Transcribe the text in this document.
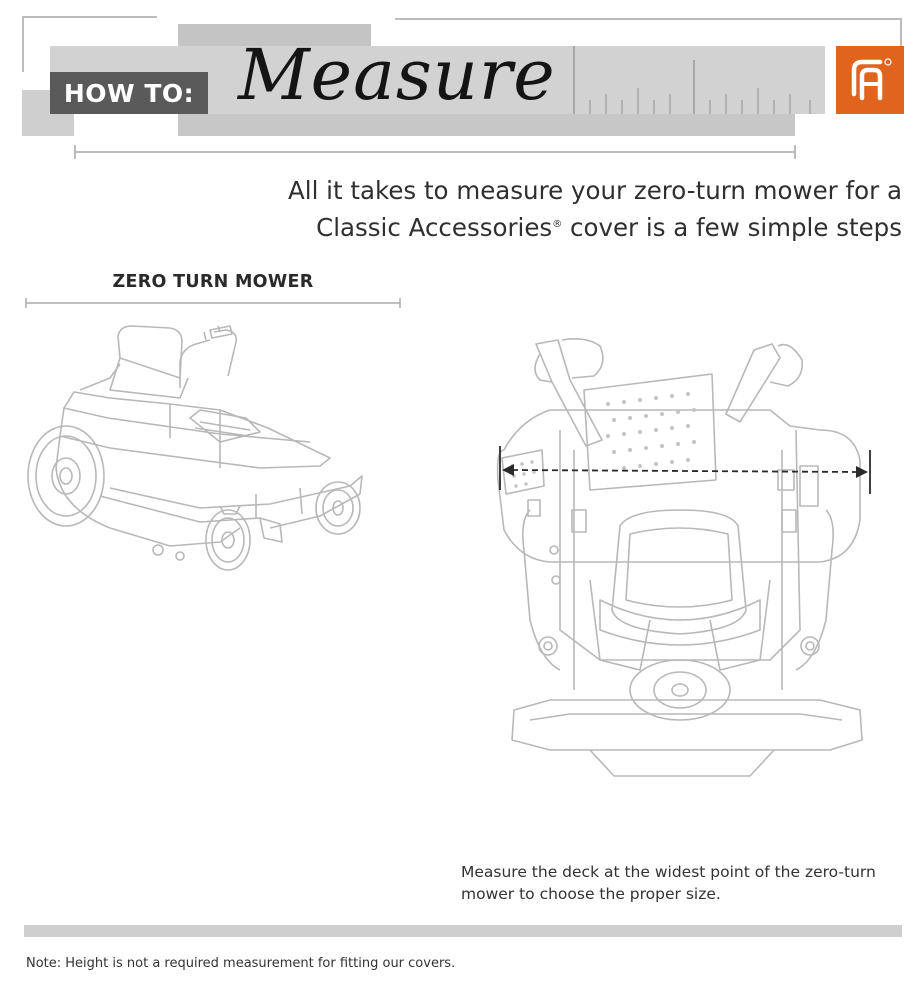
HOW TO: Measure
All it takes to measure your zero-turn mower for a
Classic Accessories® cover is a few simple steps
ZERO TURN MOWER
Measure the deck at the widest point of the zero-turn
mower to choose the proper size.
Note: Height is not a required measurement for fitting our covers.
